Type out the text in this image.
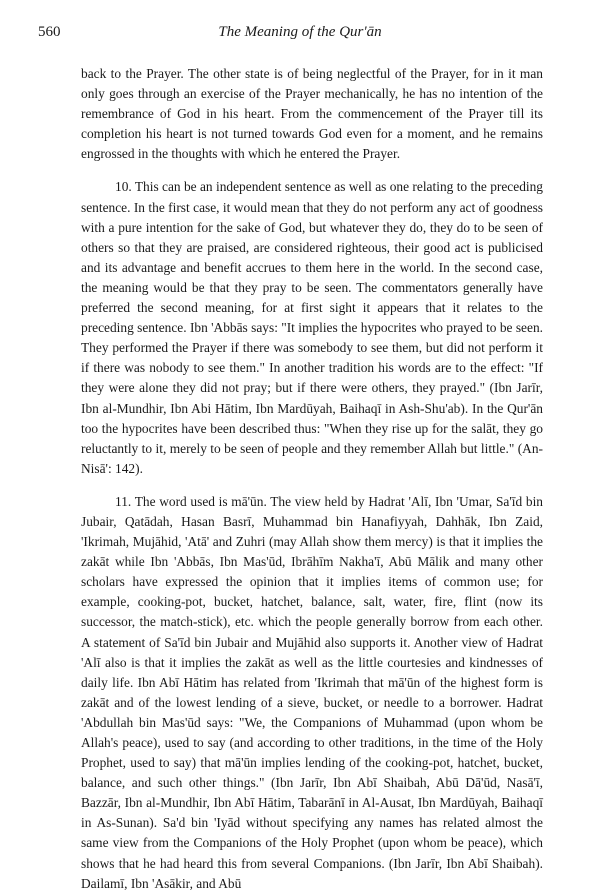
560	The Meaning of the Qur'ān

back to the Prayer. The other state is of being neglectful of the Prayer, for in it man only goes through an exercise of the Prayer mechanically, he has no intention of the remembrance of God in his heart. From the commencement of the Prayer till its completion his heart is not turned towards God even for a moment, and he remains engrossed in the thoughts with which he entered the Prayer.

10. This can be an independent sentence as well as one relating to the preceding sentence. In the first case, it would mean that they do not perform any act of goodness with a pure intention for the sake of God, but whatever they do, they do to be seen of others so that they are praised, are considered righteous, their good act is publicised and its advantage and benefit accrues to them here in the world. In the second case, the meaning would be that they pray to be seen. The commentators generally have preferred the second meaning, for at first sight it appears that it relates to the preceding sentence. Ibn 'Abbās says: "It implies the hypocrites who prayed to be seen. They performed the Prayer if there was somebody to see them, but did not perform it if there was nobody to see them." In another tradition his words are to the effect: "If they were alone they did not pray; but if there were others, they prayed." (Ibn Jarīr, Ibn al-Mundhir, Ibn Abi Hātim, Ibn Mardūyah, Baihaqī in Ash-Shu'ab). In the Qur'ān too the hypocrites have been described thus: "When they rise up for the salāt, they go reluctantly to it, merely to be seen of people and they remember Allah but little." (An-Nisā': 142).

11. The word used is mā'ūn. The view held by Hadrat 'Alī, Ibn 'Umar, Sa'īd bin Jubair, Qatādah, Hasan Basrī, Muhammad bin Hanafiyyah, Dahhāk, Ibn Zaid, 'Ikrimah, Mujāhid, 'Atā' and Zuhri (may Allah show them mercy) is that it implies the zakāt while Ibn 'Abbās, Ibn Mas'ūd, Ibrāhīm Nakha'ī, Abū Mālik and many other scholars have expressed the opinion that it implies items of common use; for example, cooking-pot, bucket, hatchet, balance, salt, water, fire, flint (now its successor, the match-stick), etc. which the people generally borrow from each other. A statement of Sa'īd bin Jubair and Mujāhid also supports it. Another view of Hadrat 'Alī also is that it implies the zakāt as well as the little courtesies and kindnesses of daily life. Ibn Abī Hātim has related from 'Ikrimah that mā'ūn of the highest form is zakāt and of the lowest lending of a sieve, bucket, or needle to a borrower. Hadrat 'Abdullah bin Mas'ūd says: "We, the Companions of Muhammad (upon whom be Allah's peace), used to say (and according to other traditions, in the time of the Holy Prophet, used to say) that mā'ūn implies lending of the cooking-pot, hatchet, bucket, balance, and such other things." (Ibn Jarīr, Ibn Abī Shaibah, Abū Dā'ūd, Nasā'ī, Bazzār, Ibn al-Mundhir, Ibn Abī Hātim, Tabarānī in Al-Ausat, Ibn Mardūyah, Baihaqī in As-Sunan). Sa'd bin 'Iyād without specifying any names has related almost the same view from the Companions of the Holy Prophet (upon whom be peace), which shows that he had heard this from several Companions. (Ibn Jarīr, Ibn Abī Shaibah). Dailamī, Ibn 'Asākir, and Abū
